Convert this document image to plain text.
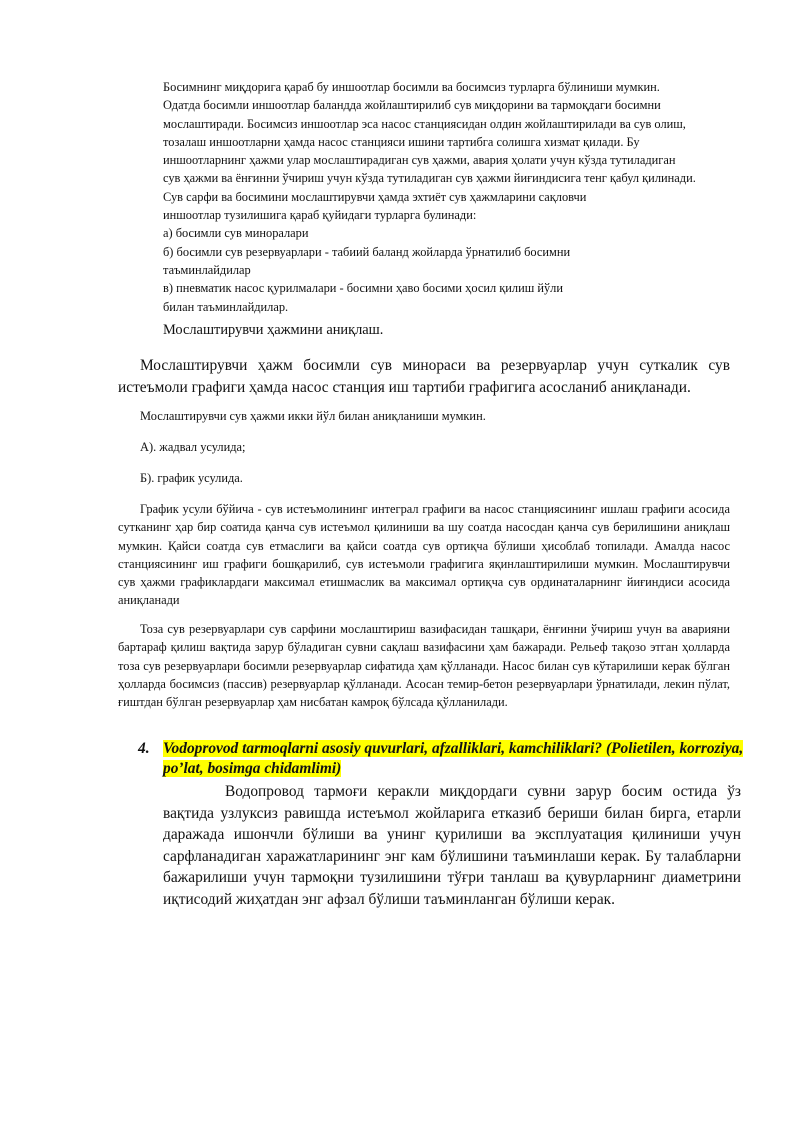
Босимнинг миқдорига қараб бу иншоотлар босимли ва босимсиз турларга бўлиниши мумкин.
Одатда босимли иншоотлар баландда жойлаштирилиб сув миқдорини ва тармоқдаги босимни
мослаштиради. Босимсиз иншоотлар эса насос станциясидан олдин жойлаштирилади ва сув олиш,
тозалаш иншоотларни ҳамда насос станцияси ишини тартибга солишга хизмат қилади. Бу
иншоотларнинг ҳажми улар мослаштирадиган сув ҳажми, авария ҳолати учун кўзда тутиладиган
сув ҳажми ва ёнғинни ўчириш учун кўзда тутиладиган сув ҳажми йиғиндисига тенг қабул қилинади.
Сув сарфи ва босимини мослаштирувчи ҳамда эхтиёт сув ҳажмларини сақловчи
иншоотлар тузилишига қараб қуйидаги турларга булинади:
а) босимли сув миноралари
б) босимли сув резервуарлари - табиий баланд жойларда ўрнатилиб босимни
таъминлайдилар
в) пневматик насос қурилмалари - босимни ҳаво босими ҳосил қилиш йўли
билан таъминлайдилар.

Мослаштирувчи ҳажмини аниқлаш.

Мослаштирувчи ҳажм босимли сув минораси ва резервуарлар учун суткалик сув истеъмоли графиги ҳамда насос станция иш тартиби графигига асосланиб аниқланади.

Мослаштирувчи сув ҳажми икки йўл билан аниқланиши мумкин.

А). жадвал усулида;

Б). график усулида.

График усули бўйича - сув истеъмолининг интеграл графиги ва насос станциясининг ишлаш графиги асосида сутканинг ҳар бир соатида қанча сув истеъмол қилиниши ва шу соатда насосдан қанча сув берилишини аниқлаш мумкин. Қайси соатда сув етмаслиги ва қайси соатда сув ортиқча бўлиши ҳисоблаб топилади. Амалда насос станциясининг иш графиги бошқарилиб, сув истеъмоли графигига яқинлаштирилиши мумкин. Мослаштирувчи сув ҳажми графиклардаги максимал етишмаслик ва максимал ортиқча сув ординаталарнинг йиғиндиси асосида аниқланади

Тоза сув резервуарлари сув сарфини мослаштириш вазифасидан ташқари, ёнғинни ўчириш учун ва аварияни бартараф қилиш вақтида зарур бўладиган сувни сақлаш вазифасини ҳам бажаради. Рельеф тақозо этган ҳолларда тоза сув резервуарлари босимли резервуарлар сифатида ҳам қўлланади. Насос билан сув кўтарилиши керак бўлган ҳолларда босимсиз (пассив) резервуарлар қўлланади. Асосан темир-бетон резервуарлари ўрнатилади, лекин пўлат, ғиштдан бўлган резервуарлар ҳам нисбатан камроқ бўлсада қўлланилади.

4. Vodoprovod tarmoqlarni asosiy quvurlari, afzalliklari, kamchiliklari? (Polietilen, korroziya,
po’lat, bosimga chidamlimi)

Водопровод тармоғи керакли миқдордаги сувни зарур босим остида ўз вақтида узлуксиз равишда истеъмол жойларига етказиб бериши билан бирга, етарли даражада ишончли бўлиши ва унинг қурилиши ва эксплуатация қилиниши учун сарфланадиган харажатларининг энг кам бўлишини таъминлаши керак. Бу талабларни бажарилиши учун тармоқни тузилишини тўғри танлаш ва қувурларнинг диаметрини иқтисодий жиҳатдан энг афзал бўлиши таъминланган бўлиши керак.
